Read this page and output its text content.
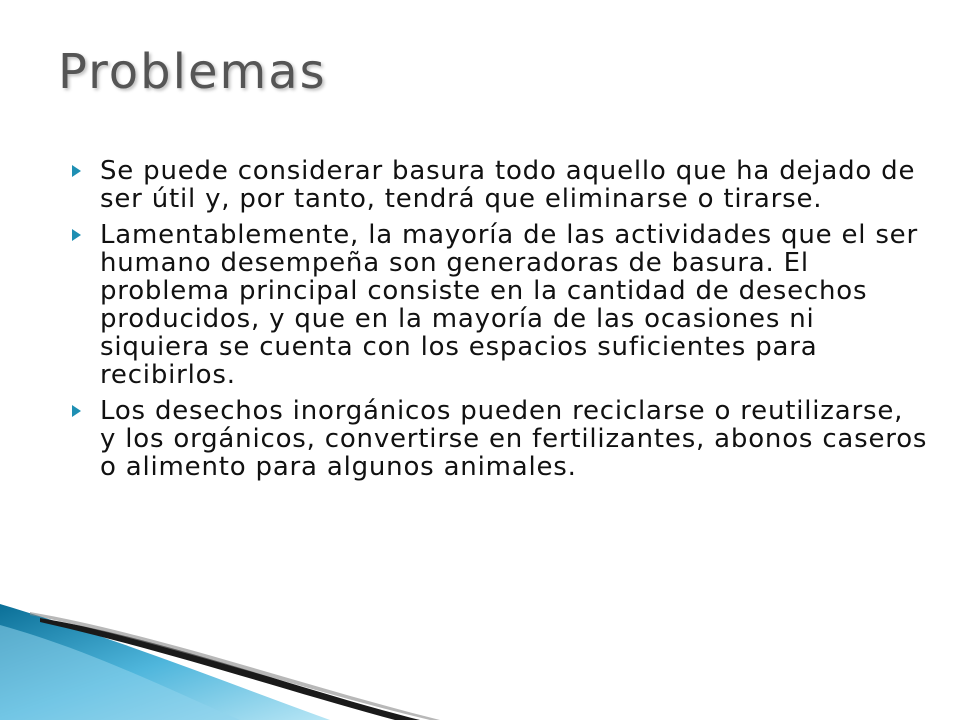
Problemas
Se puede considerar basura todo aquello que ha dejado de ser útil y, por tanto, tendrá que eliminarse o tirarse.
Lamentablemente, la mayoría de las actividades que el ser humano desempeña son generadoras de basura. El problema principal consiste en la cantidad de desechos producidos, y que en la mayoría de las ocasiones ni siquiera se cuenta con los espacios suficientes para recibirlos.
Los desechos inorgánicos pueden reciclarse o reutilizarse, y los orgánicos, convertirse en fertilizantes, abonos caseros o alimento para algunos animales.
